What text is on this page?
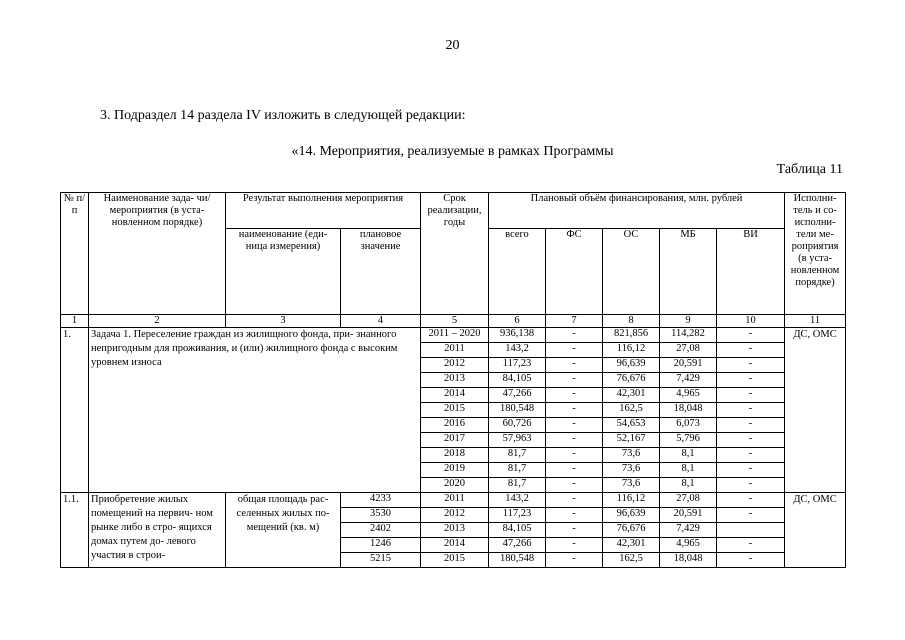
20
3. Подраздел 14 раздела IV изложить в следующей редакции:
«14. Мероприятия, реализуемые в рамках Программы
Таблица 11
№ п/п	Наименование зада- чи/мероприятия (в уста- новленном порядке)	Результат выполнения мероприятия		Срок реализации, годы	Плановый объём финансирования, млн. рублей					Исполни- тель и со- исполни- тели ме- роприятия (в уста- новленном порядке)
		наименование (еди- ница измерения)	плановое значение		всего	ФС	ОС	МБ	ВИ	
1	2	3	4	5	6	7	8	9	10	11
1.	Задача 1. Переселение граждан из жилищного фонда, при- знанного непригодным для проживания, и (или) жилищного фонда с высоким уровнем износа			2011 – 2020	936,138	-	821,856	114,282	-	ДС, ОМС
				2011	143,2	-	116,12	27,08	-	
				2012	117,23	-	96,639	20,591	-	
				2013	84,105	-	76,676	7,429	-	
				2014	47,266	-	42,301	4,965	-	
				2015	180,548	-	162,5	18,048	-	
				2016	60,726	-	54,653	6,073	-	
				2017	57,963	-	52,167	5,796	-	
				2018	81,7	-	73,6	8,1	-	
				2019	81,7	-	73,6	8,1	-	
				2020	81,7	-	73,6	8,1	-	
1.1.	Приобретение жилых помещений на первич- ном рынке либо в стро- ящихся домах путем до- левого участия в строи-	общая площадь рас- селенных жилых по- мещений (кв. м)	4233	2011	143,2	-	116,12	27,08	-	ДС, ОМС
			3530	2012	117,23	-	96,639	20,591	-	
			2402	2013	84,105	-	76,676	7,429		
			1246	2014	47,266	-	42,301	4,965	-	
			5215	2015	180,548	-	162,5	18,048	-	
